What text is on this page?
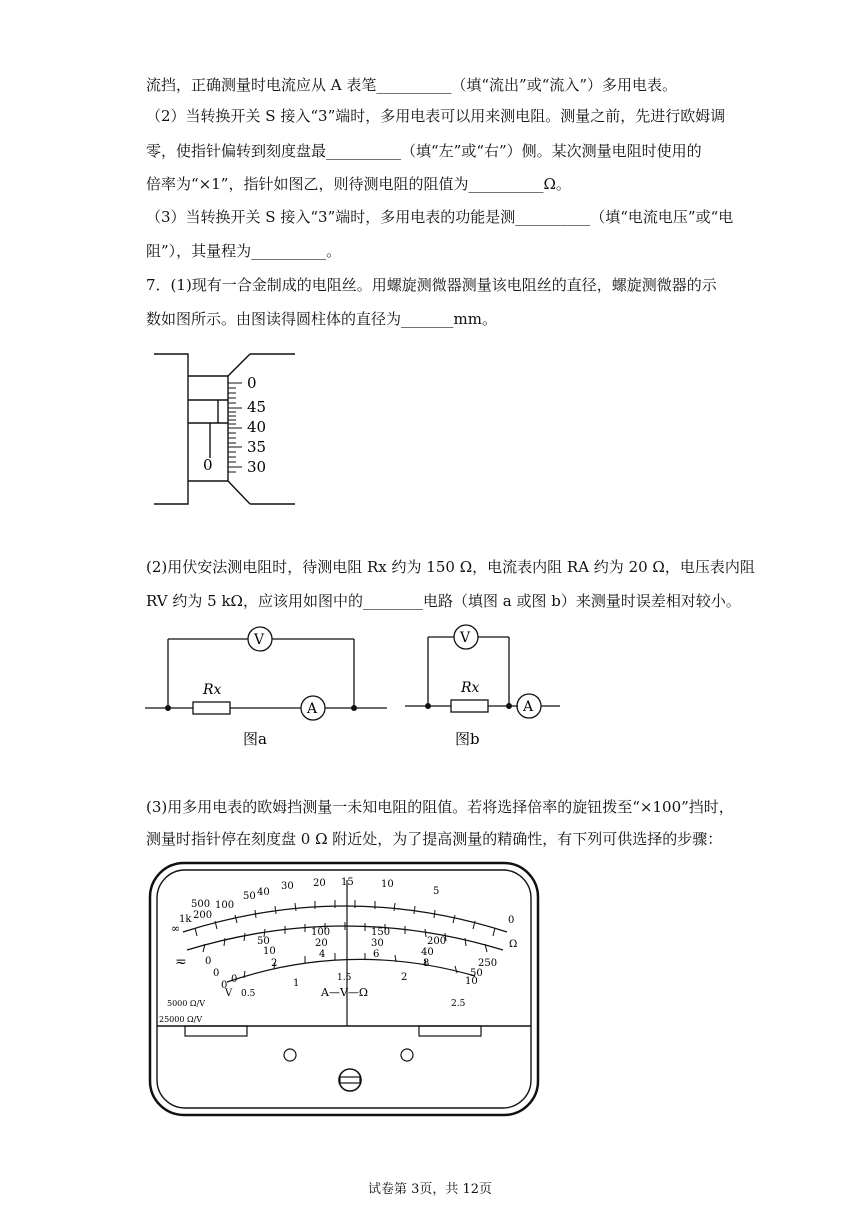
流挡，正确测量时电流应从 A 表笔__________（填“流出”或“流入”）多用电表。
（2）当转换开关 S 接入“3”端时，多用电表可以用来测电阻。测量之前，先进行欧姆调
零，使指针偏转到刻度盘最__________（填“左”或“右”）侧。某次测量电阻时使用的
倍率为“×1”，指针如图乙，则待测电阻的阻值为__________Ω。
（3）当转换开关 S 接入“3”端时，多用电表的功能是测__________（填“电流电压”或“电
阻”），其量程为__________。
7．(1)现有一合金制成的电阻丝。用螺旋测微器测量该电阻丝的直径，螺旋测微器的示
数如图所示。由图读得圆柱体的直径为_______mm。
0
0
45
40
35
30
(2)用伏安法测电阻时，待测电阻 Rx 约为 150 Ω，电流表内阻 RA 约为 20 Ω，电压表内阻
RV 约为 5 kΩ，应该用如图中的________电路（填图 a 或图 b）来测量时误差相对较小。
V
Rx
A
图a
V
Rx
A
图b
(3)用多用电表的欧姆挡测量一未知电阻的阻值。若将选择倍率的旋钮拨至“×100”挡时，
测量时指针停在刻度盘 0 Ω 附近处，为了提高测量的精确性，有下列可供选择的步骤：
∞
1k
500
200
100
50 40
30 20 15	10
5
0
Ω
0
50
100	150
200
250
0
10
20	30
40
50
0
2
4	6
8
10
0
0.5
1	1.5	2
2.5
A—V—Ω
≂
V
5000 Ω/V
25000 Ω/V
试卷第 3页，共 12页
